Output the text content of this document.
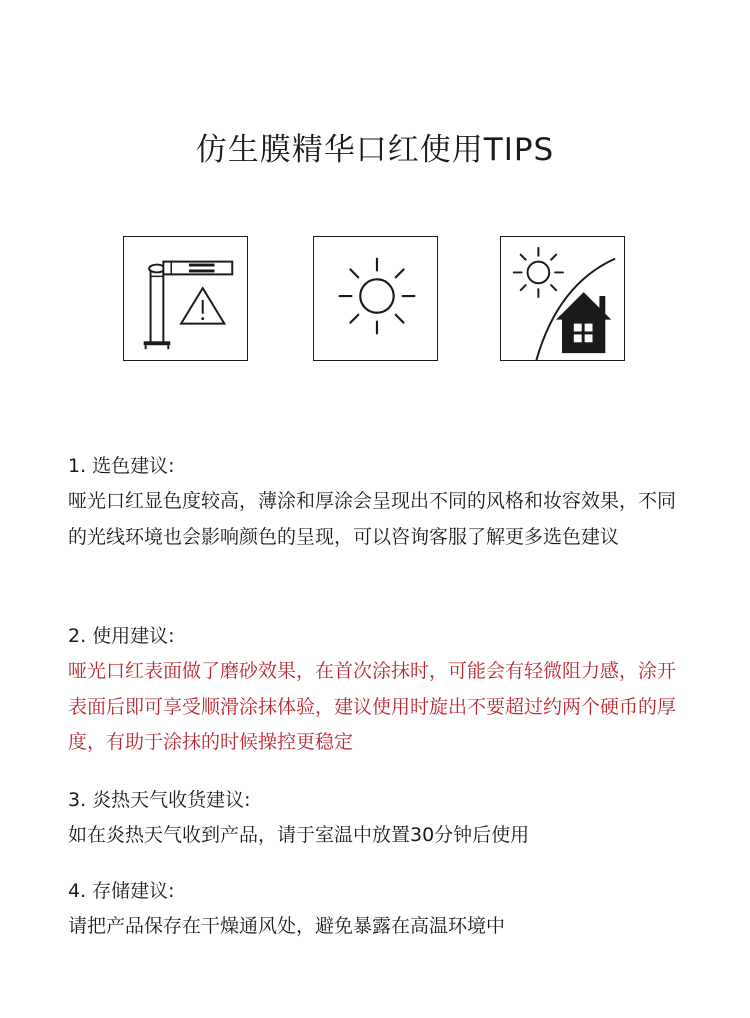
仿生膜精华口红使用TIPS

1. 选色建议:

哑光口红显色度较高，薄涂和厚涂会呈现出不同的风格和妆容效果，不同的光线环境也会影响颜色的呈现，可以咨询客服了解更多选色建议

2. 使用建议:

哑光口红表面做了磨砂效果，在首次涂抹时，可能会有轻微阻力感，涂开表面后即可享受顺滑涂抹体验，建议使用时旋出不要超过约两个硬币的厚度，有助于涂抹的时候操控更稳定

3. 炎热天气收货建议:

如在炎热天气收到产品，请于室温中放置30分钟后使用

4. 存储建议:

请把产品保存在干燥通风处，避免暴露在高温环境中
